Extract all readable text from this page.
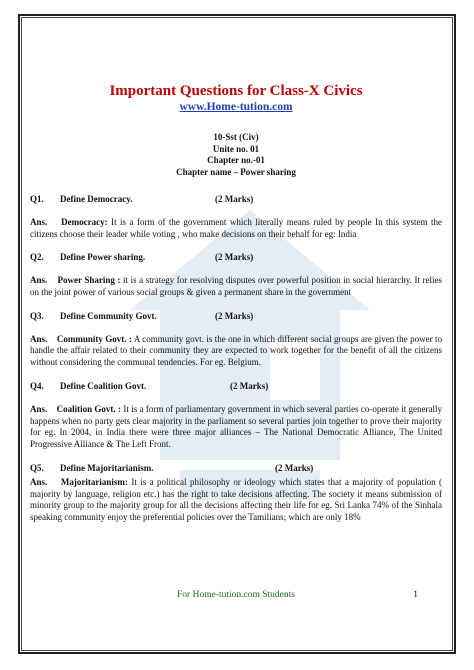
Important Questions for Class-X Civics
www.Home-tution.com
10-Sst (Civ)
Unite no. 01
Chapter no.-01
Chapter name – Power sharing
Q1.	Define Democracy.	(2 Marks)
Ans. Democracy: It is a form of the government which literally means ruled by people In this system the citizens choose their leader while voting , who make decisions on their behalf for eg: India
Q2.	Define Power sharing.	(2 Marks)
Ans. Power Sharing : it is a strategy for resolving disputes over powerful position in social hierarchy. It relies on the joint power of various social groups & given a permanent share in the government
Q3.	Define Community Govt.	(2 Marks)
Ans. Community Govt. : A community govt. is the one in which different social groups are given the power to handle the affair related to their community they are expected to work together for the benefit of all the citizens without considering the communal tendencies. For eg. Belgium.
Q4.	Define Coalition Govt.	(2 Marks)
Ans. Coalition Govt. : It is a form of parliamentary government in which several parties co-operate it generally happens when no party gets clear majority in the parliament so several parties join together to prove their majority for eg. In 2004, in India there were three major alliances – The National Democratic Alliance, The United Progressive Alliance & The Left Front.
Q5.	Define Majoritarianism.	(2 Marks)
Ans. Majoritarianism: It is a political philosophy or ideology which states that a majority of population ( majority by language, religion etc.) has the right to take decisions affecting. The society it means submission of minority group to the majority group for all the decisions affecting their life for eg. Sri Lanka 74% of the Sinhala speaking community enjoy the preferential policies over the Tamilians; which are only 18%
For Home-tution.com Students	1
